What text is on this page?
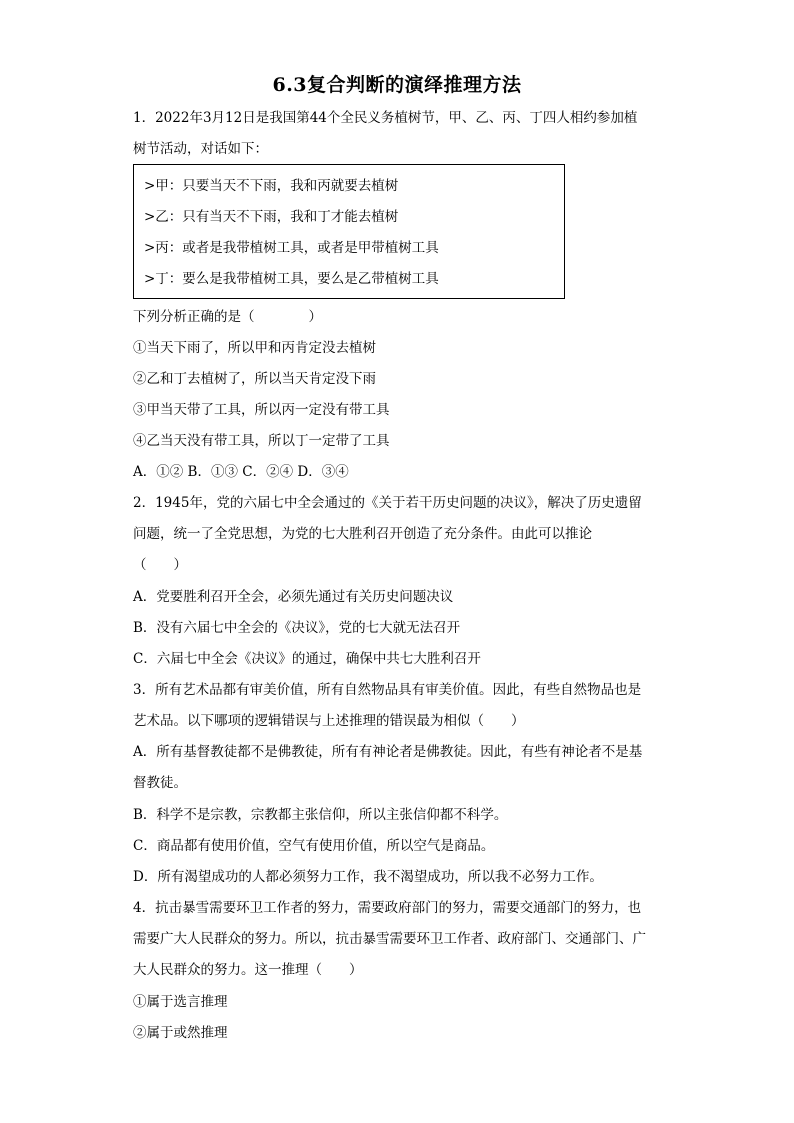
6.3复合判断的演绎推理方法
1．2022年3月12日是我国第44个全民义务植树节，甲、乙、丙、丁四人相约参加植
树节活动，对话如下：
>甲：只要当天不下雨，我和丙就要去植树
>乙：只有当天不下雨，我和丁才能去植树
>丙：或者是我带植树工具，或者是甲带植树工具
>丁：要么是我带植树工具，要么是乙带植树工具
下列分析正确的是（　　　　）
①当天下雨了，所以甲和丙肯定没去植树
②乙和丁去植树了，所以当天肯定没下雨
③甲当天带了工具，所以丙一定没有带工具
④乙当天没有带工具，所以丁一定带了工具
A．①② B．①③ C．②④ D．③④
2．1945年，党的六届七中全会通过的《关于若干历史问题的决议》，解决了历史遗留
问题，统一了全党思想，为党的七大胜利召开创造了充分条件。由此可以推论
（　　）
A．党要胜利召开全会，必须先通过有关历史问题决议
B．没有六届七中全会的《决议》，党的七大就无法召开
C．六届七中全会《决议》的通过，确保中共七大胜利召开
3．所有艺术品都有审美价值，所有自然物品具有审美价值。因此，有些自然物品也是
艺术品。以下哪项的逻辑错误与上述推理的错误最为相似（　　）
A．所有基督教徒都不是佛教徒，所有有神论者是佛教徒。因此，有些有神论者不是基
督教徒。
B．科学不是宗教，宗教都主张信仰，所以主张信仰都不科学。
C．商品都有使用价值，空气有使用价值，所以空气是商品。
D．所有渴望成功的人都必须努力工作，我不渴望成功，所以我不必努力工作。
4．抗击暴雪需要环卫工作者的努力，需要政府部门的努力，需要交通部门的努力，也
需要广大人民群众的努力。所以，抗击暴雪需要环卫工作者、政府部门、交通部门、广
大人民群众的努力。这一推理（　　）
①属于选言推理
②属于或然推理
